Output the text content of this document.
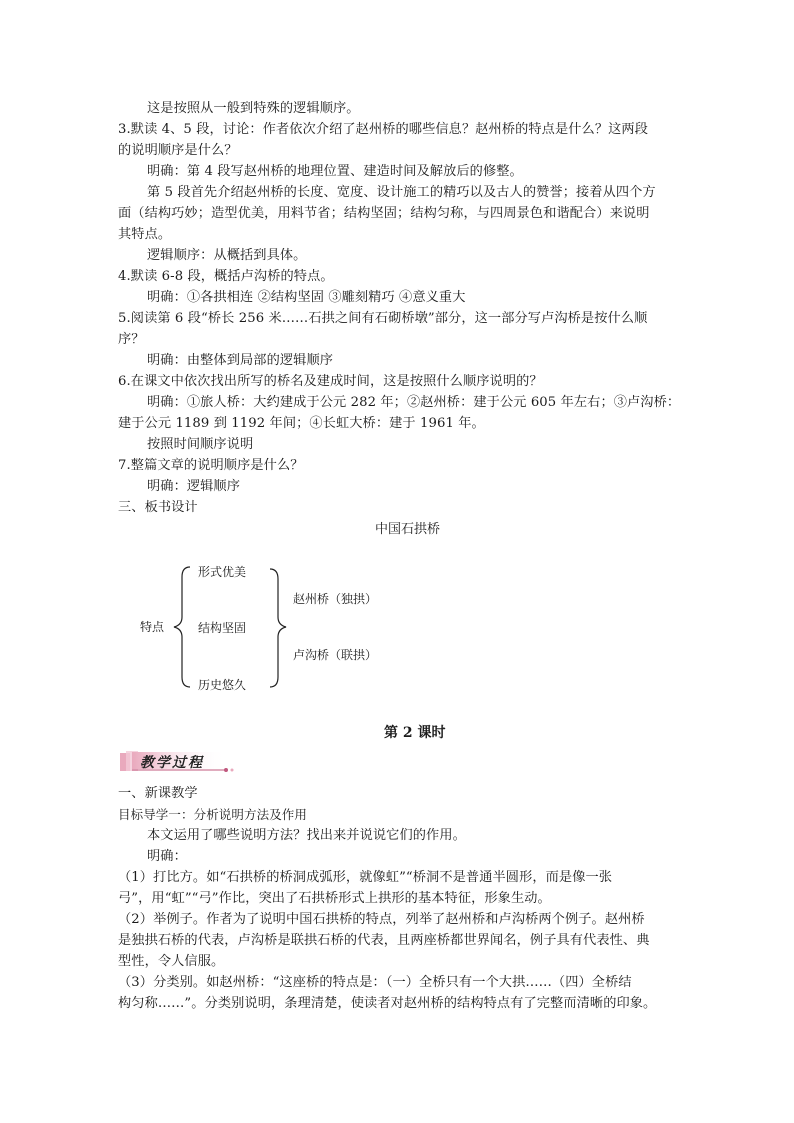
这是按照从一般到特殊的逻辑顺序。
3.默读 4、5 段，讨论：作者依次介绍了赵州桥的哪些信息？赵州桥的特点是什么？这两段
的说明顺序是什么？
明确：第 4 段写赵州桥的地理位置、建造时间及解放后的修整。
第 5 段首先介绍赵州桥的长度、宽度、设计施工的精巧以及古人的赞誉；接着从四个方
面（结构巧妙；造型优美，用料节省；结构坚固；结构匀称，与四周景色和谐配合）来说明
其特点。
逻辑顺序：从概括到具体。
4.默读 6-8 段，概括卢沟桥的特点。
明确：①各拱相连 ②结构坚固 ③雕刻精巧 ④意义重大
5.阅读第 6 段“桥长 256 米……石拱之间有石砌桥墩”部分，这一部分写卢沟桥是按什么顺
序？
明确：由整体到局部的逻辑顺序
6.在课文中依次找出所写的桥名及建成时间，这是按照什么顺序说明的？
明确：①旅人桥：大约建成于公元 282 年；②赵州桥：建于公元 605 年左右；③卢沟桥：
建于公元 1189 到 1192 年间；④长虹大桥：建于 1961 年。
按照时间顺序说明
7.整篇文章的说明顺序是什么？
明确：逻辑顺序
三、板书设计
中国石拱桥
特点
形式优美
结构坚固
历史悠久
赵州桥（独拱）
卢沟桥（联拱）
第 2 课时
教学过程
一、新课教学
目标导学一：分析说明方法及作用
本文运用了哪些说明方法？找出来并说说它们的作用。
明确：
（1）打比方。如“石拱桥的桥洞成弧形，就像虹”“桥洞不是普通半圆形，而是像一张
弓”，用“虹”“弓”作比，突出了石拱桥形式上拱形的基本特征，形象生动。
（2）举例子。作者为了说明中国石拱桥的特点，列举了赵州桥和卢沟桥两个例子。赵州桥
是独拱石桥的代表，卢沟桥是联拱石桥的代表，且两座桥都世界闻名，例子具有代表性、典
型性，令人信服。
（3）分类别。如赵州桥：“这座桥的特点是：（一）全桥只有一个大拱……（四）全桥结
构匀称……”。分类别说明，条理清楚，使读者对赵州桥的结构特点有了完整而清晰的印象。
